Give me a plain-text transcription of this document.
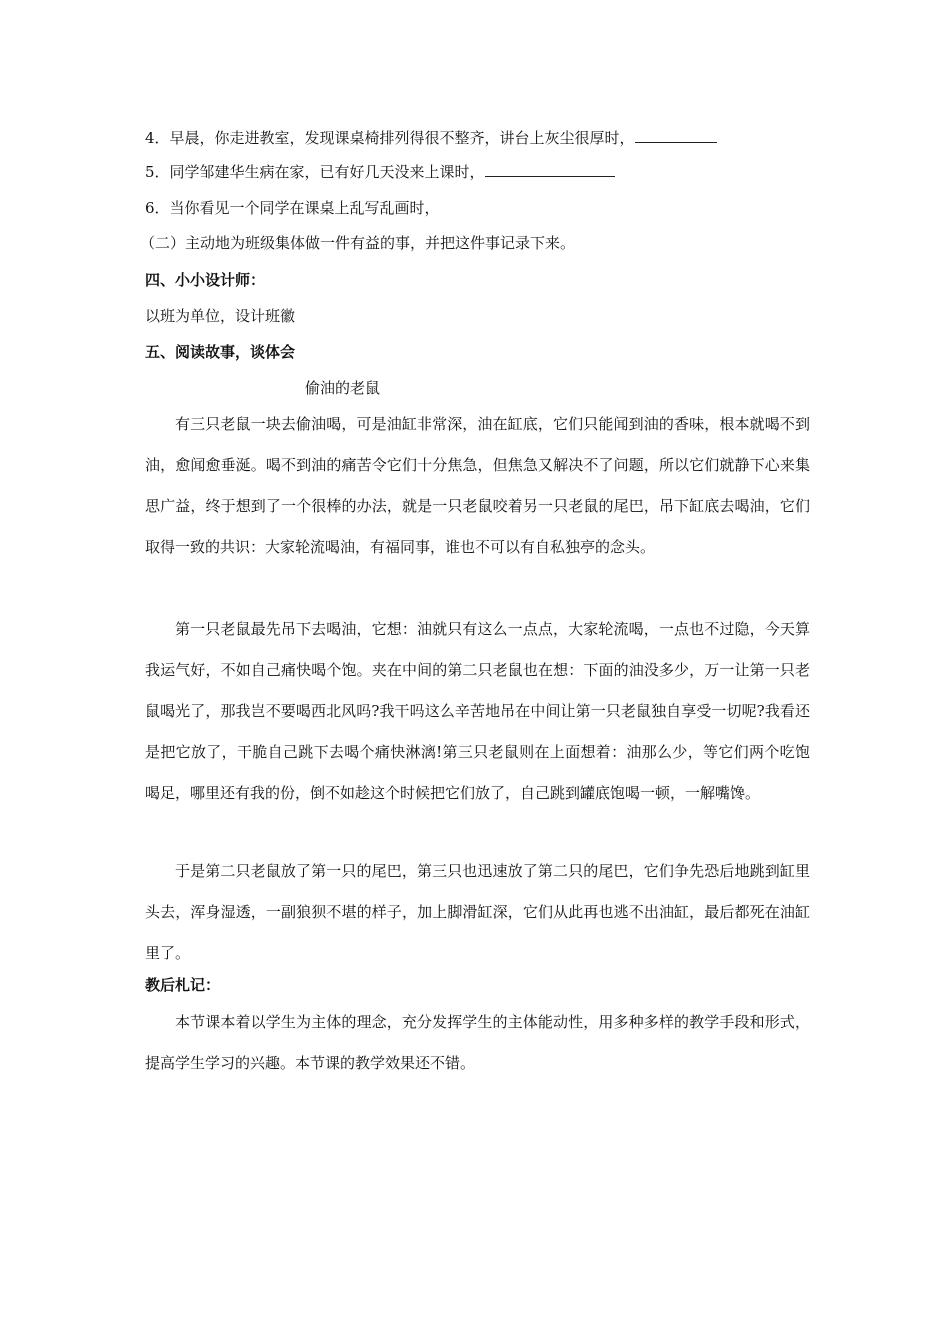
4．早晨，你走进教室，发现课桌椅排列得很不整齐，讲台上灰尘很厚时，
5．同学邹建华生病在家，已有好几天没来上课时，
6．当你看见一个同学在课桌上乱写乱画时，
（二）主动地为班级集体做一件有益的事，并把这件事记录下来。
四、小小设计师：
以班为单位，设计班徽
五、阅读故事，谈体会
偷油的老鼠
有三只老鼠一块去偷油喝，可是油缸非常深，油在缸底，它们只能闻到油的香味，根本就喝不到油，愈闻愈垂涎。喝不到油的痛苦令它们十分焦急，但焦急又解决不了问题，所以它们就静下心来集思广益，终于想到了一个很棒的办法，就是一只老鼠咬着另一只老鼠的尾巴，吊下缸底去喝油，它们取得一致的共识：大家轮流喝油，有福同事，谁也不可以有自私独亭的念头。
第一只老鼠最先吊下去喝油，它想：油就只有这么一点点，大家轮流喝，一点也不过隐，今天算我运气好，不如自己痛快喝个饱。夹在中间的第二只老鼠也在想：下面的油没多少，万一让第一只老鼠喝光了，那我岂不要喝西北风吗?我干吗这么辛苦地吊在中间让第一只老鼠独自享受一切呢?我看还是把它放了，干脆自己跳下去喝个痛快淋漓!第三只老鼠则在上面想着：油那么少，等它们两个吃饱喝足，哪里还有我的份，倒不如趁这个时候把它们放了，自己跳到罐底饱喝一顿，一解嘴馋。
于是第二只老鼠放了第一只的尾巴，第三只也迅速放了第二只的尾巴，它们争先恐后地跳到缸里头去，浑身湿透，一副狼狈不堪的样子，加上脚滑缸深，它们从此再也逃不出油缸，最后都死在油缸里了。
教后札记：
本节课本着以学生为主体的理念，充分发挥学生的主体能动性，用多种多样的教学手段和形式，提高学生学习的兴趣。本节课的教学效果还不错。
